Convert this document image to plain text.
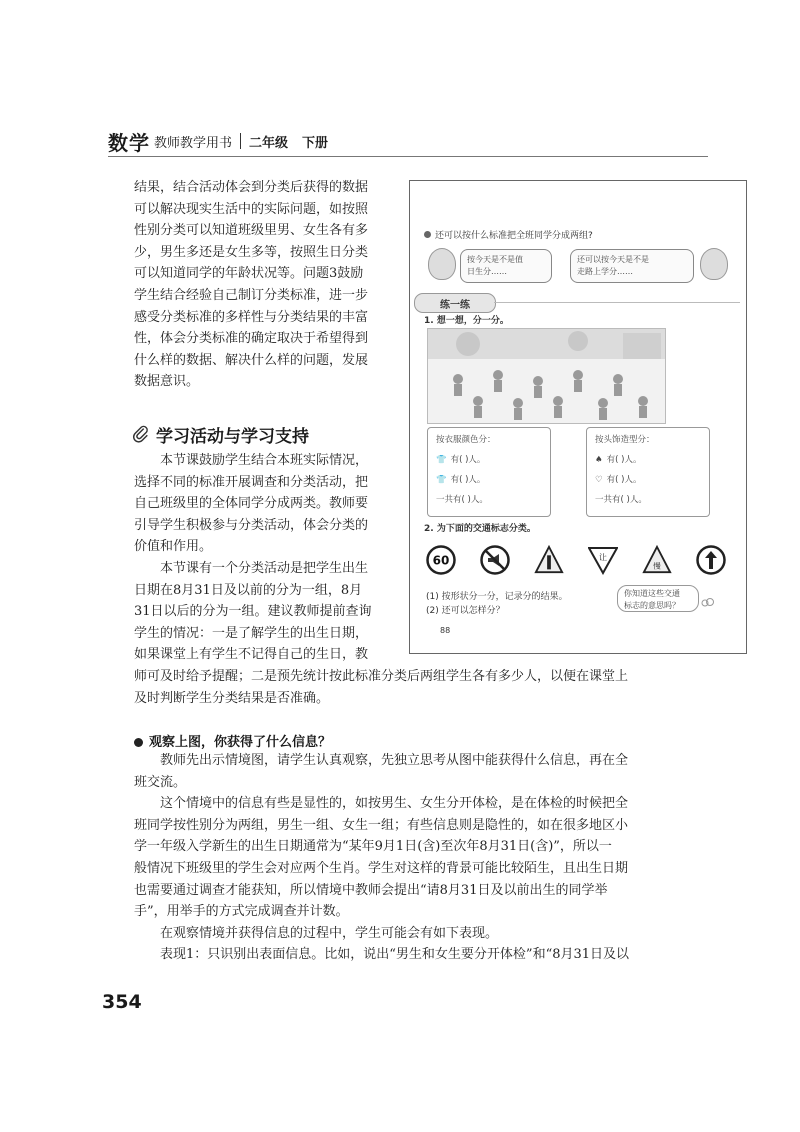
数学 教师教学用书 二年级 下册

结果，结合活动体会到分类后获得的数据

可以解决现实生活中的实际问题，如按照

性别分类可以知道班级里男、女生各有多

少，男生多还是女生多等，按照生日分类

可以知道同学的年龄状况等。问题3鼓励

学生结合经验自己制订分类标准，进一步

感受分类标准的多样性与分类结果的丰富

性，体会分类标准的确定取决于希望得到

什么样的数据、解决什么样的问题，发展

数据意识。

学习活动与学习支持

本节课鼓励学生结合本班实际情况，

选择不同的标准开展调查和分类活动，把

自己班级里的全体同学分成两类。教师要

引导学生积极参与分类活动，体会分类的

价值和作用。

本节课有一个分类活动是把学生出生

日期在8月31日及以前的分为一组，8月

31日以后的分为一组。建议教师提前查询

学生的情况：一是了解学生的出生日期，

如果课堂上有学生不记得自己的生日，教

师可及时给予提醒；二是预先统计按此标准分类后两组学生各有多少人，以便在课堂上

及时判断学生分类结果是否准确。

观察上图，你获得了什么信息？

教师先出示情境图，请学生认真观察，先独立思考从图中能获得什么信息，再在全

班交流。

这个情境中的信息有些是显性的，如按男生、女生分开体检，是在体检的时候把全

班同学按性别分为两组，男生一组、女生一组；有些信息则是隐性的，如在很多地区小

学一年级入学新生的出生日期通常为“某年9月1日(含)至次年8月31日(含)”，所以一

般情况下班级里的学生会对应两个生肖。学生对这样的背景可能比较陌生，且出生日期

也需要通过调查才能获知，所以情境中教师会提出“请8月31日及以前出生的同学举

手”，用举手的方式完成调查并计数。

在观察情境并获得信息的过程中，学生可能会有如下表现。

表现1：只识别出表面信息。比如，说出“男生和女生要分开体检”和“8月31日及以

354
还可以按什么标准把全班同学分成两组?
按今天是不是值
日生分……
还可以按今天是不是
走路上学分……
练一练
1. 想一想，分一分。
按衣服颜色分：
👕 有( )人。
👕 有( )人。
一共有( )人。
按头饰造型分：
♠ 有( )人。
♡ 有( )人。
一共有( )人。
2. 为下面的交通标志分类。
60	让
慢
(1) 按形状分一分，记录分的结果。
(2) 还可以怎样分？
你知道这些交通
标志的意思吗？
88
